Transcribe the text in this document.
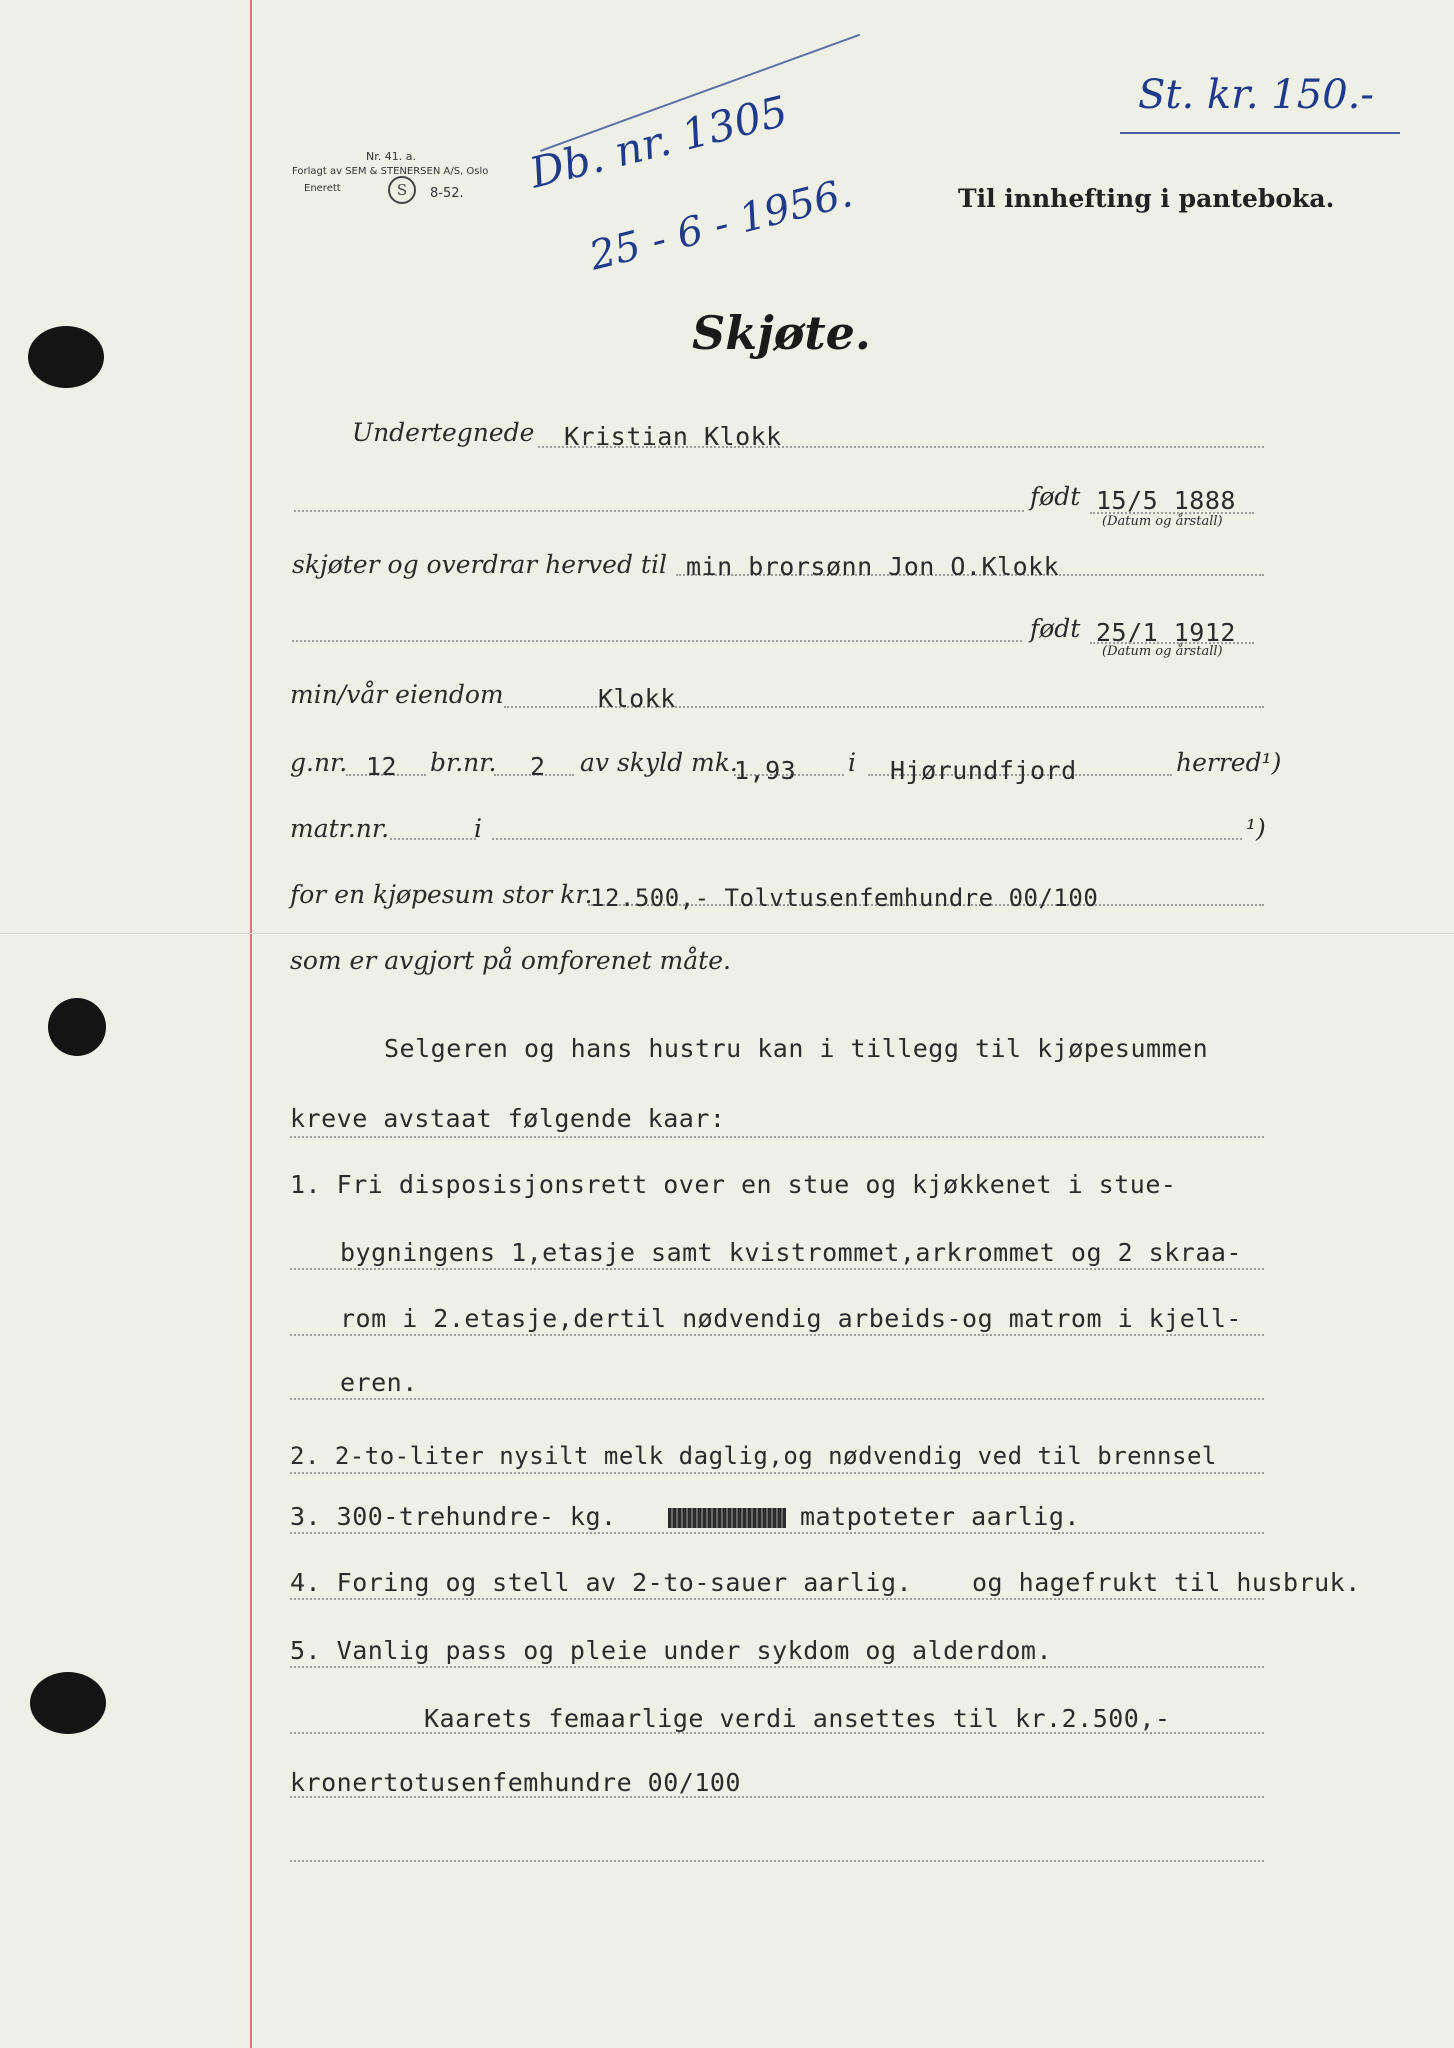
Nr. 41. a.
Forlagt av SEM & STENERSEN A/S, Oslo
Enerett	S	8-52. Db. nr. 1305
25 - 6 - 1956.
St. kr. 150.-
Til innhefting i panteboka.
Skjøte.
Undertegnede Kristian Klokk
født 15/5 1888
(Datum og årstall)
skjøter og overdrar herved til min brorsønn Jon O.Klokk
født 25/1 1912
(Datum og årstall)
min/vår eiendom	Klokk
g.nr. 12 br.nr. 2 av skyld mk.
1,93 i Hjørundfjord	herred¹)
matr.nr.	i	¹)
for en kjøpesum stor kr.
12.500,- Tolvtusenfemhundre 00/100
som er avgjort på omforenet måte.
Selgeren og hans hustru kan i tillegg til kjøpesummen
kreve avstaat følgende kaar:
1. Fri disposisjonsrett over en stue og kjøkkenet i stue-
bygningens 1,etasje samt kvistrommet,arkrommet og 2 skraa-
rom i 2.etasje,dertil nødvendig arbeids-og matrom i kjell-
eren.
2. 2-to-liter nysilt melk daglig,og nødvendig ved til brennsel
3. 300-trehundre- kg.	matpoteter aarlig.
4. Foring og stell av 2-to-sauer aarlig. og hagefrukt til husbruk.
5. Vanlig pass og pleie under sykdom og alderdom.
Kaarets femaarlige verdi ansettes til kr.2.500,-
kronertotusenfemhundre 00/100
